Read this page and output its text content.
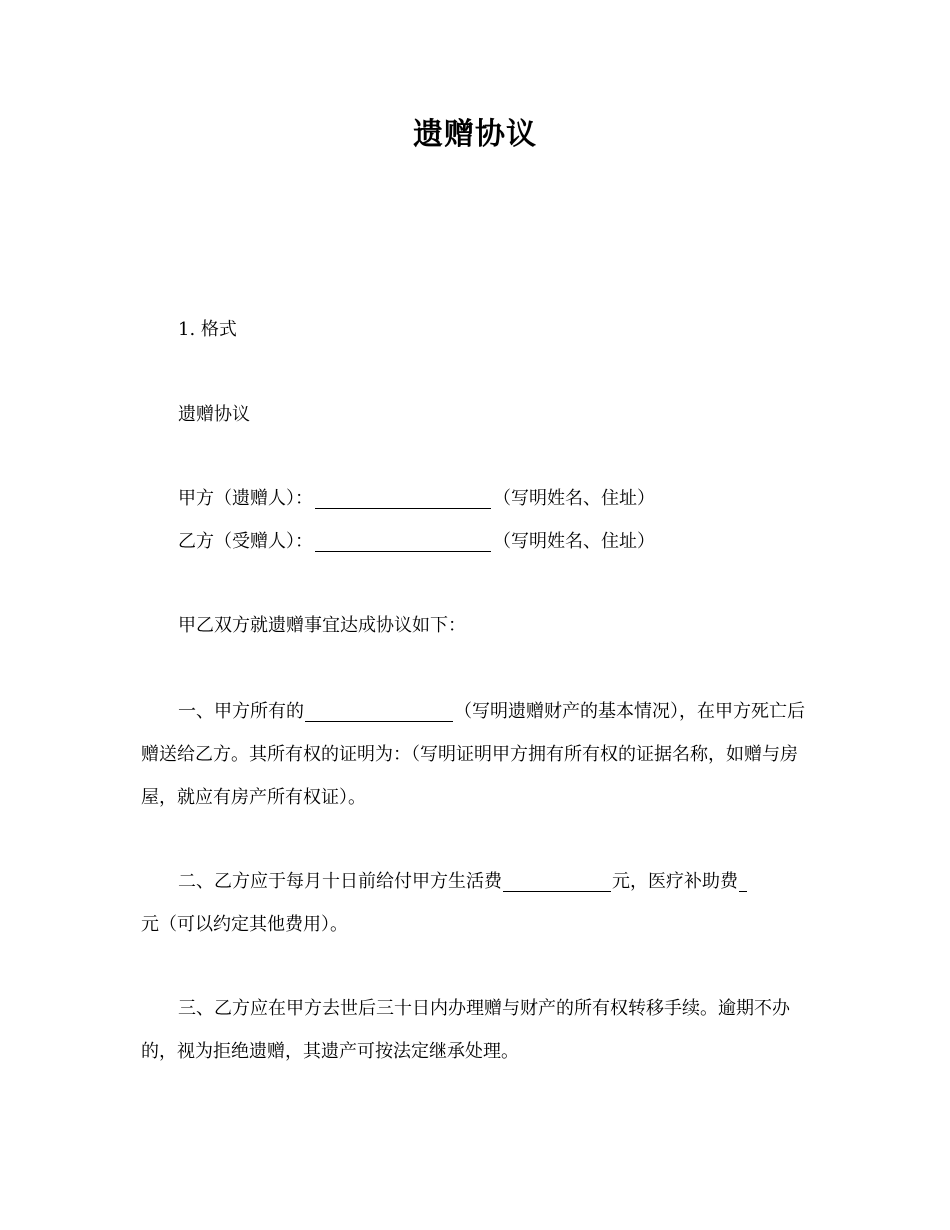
遗赠协议
1. 格式
遗赠协议
甲方（遗赠人）：	（写明姓名、住址）
乙方（受赠人）：	（写明姓名、住址）
甲乙双方就遗赠事宜达成协议如下：
一、甲方所有的	（写明遗赠财产的基本情况），在甲方死亡后
赠送给乙方。其所有权的证明为：（写明证明甲方拥有所有权的证据名称，如赠与房
屋，就应有房产所有权证）。
二、乙方应于每月十日前给付甲方生活费	元，医疗补助费
元（可以约定其他费用）。
三、乙方应在甲方去世后三十日内办理赠与财产的所有权转移手续。逾期不办
的，视为拒绝遗赠，其遗产可按法定继承处理。
